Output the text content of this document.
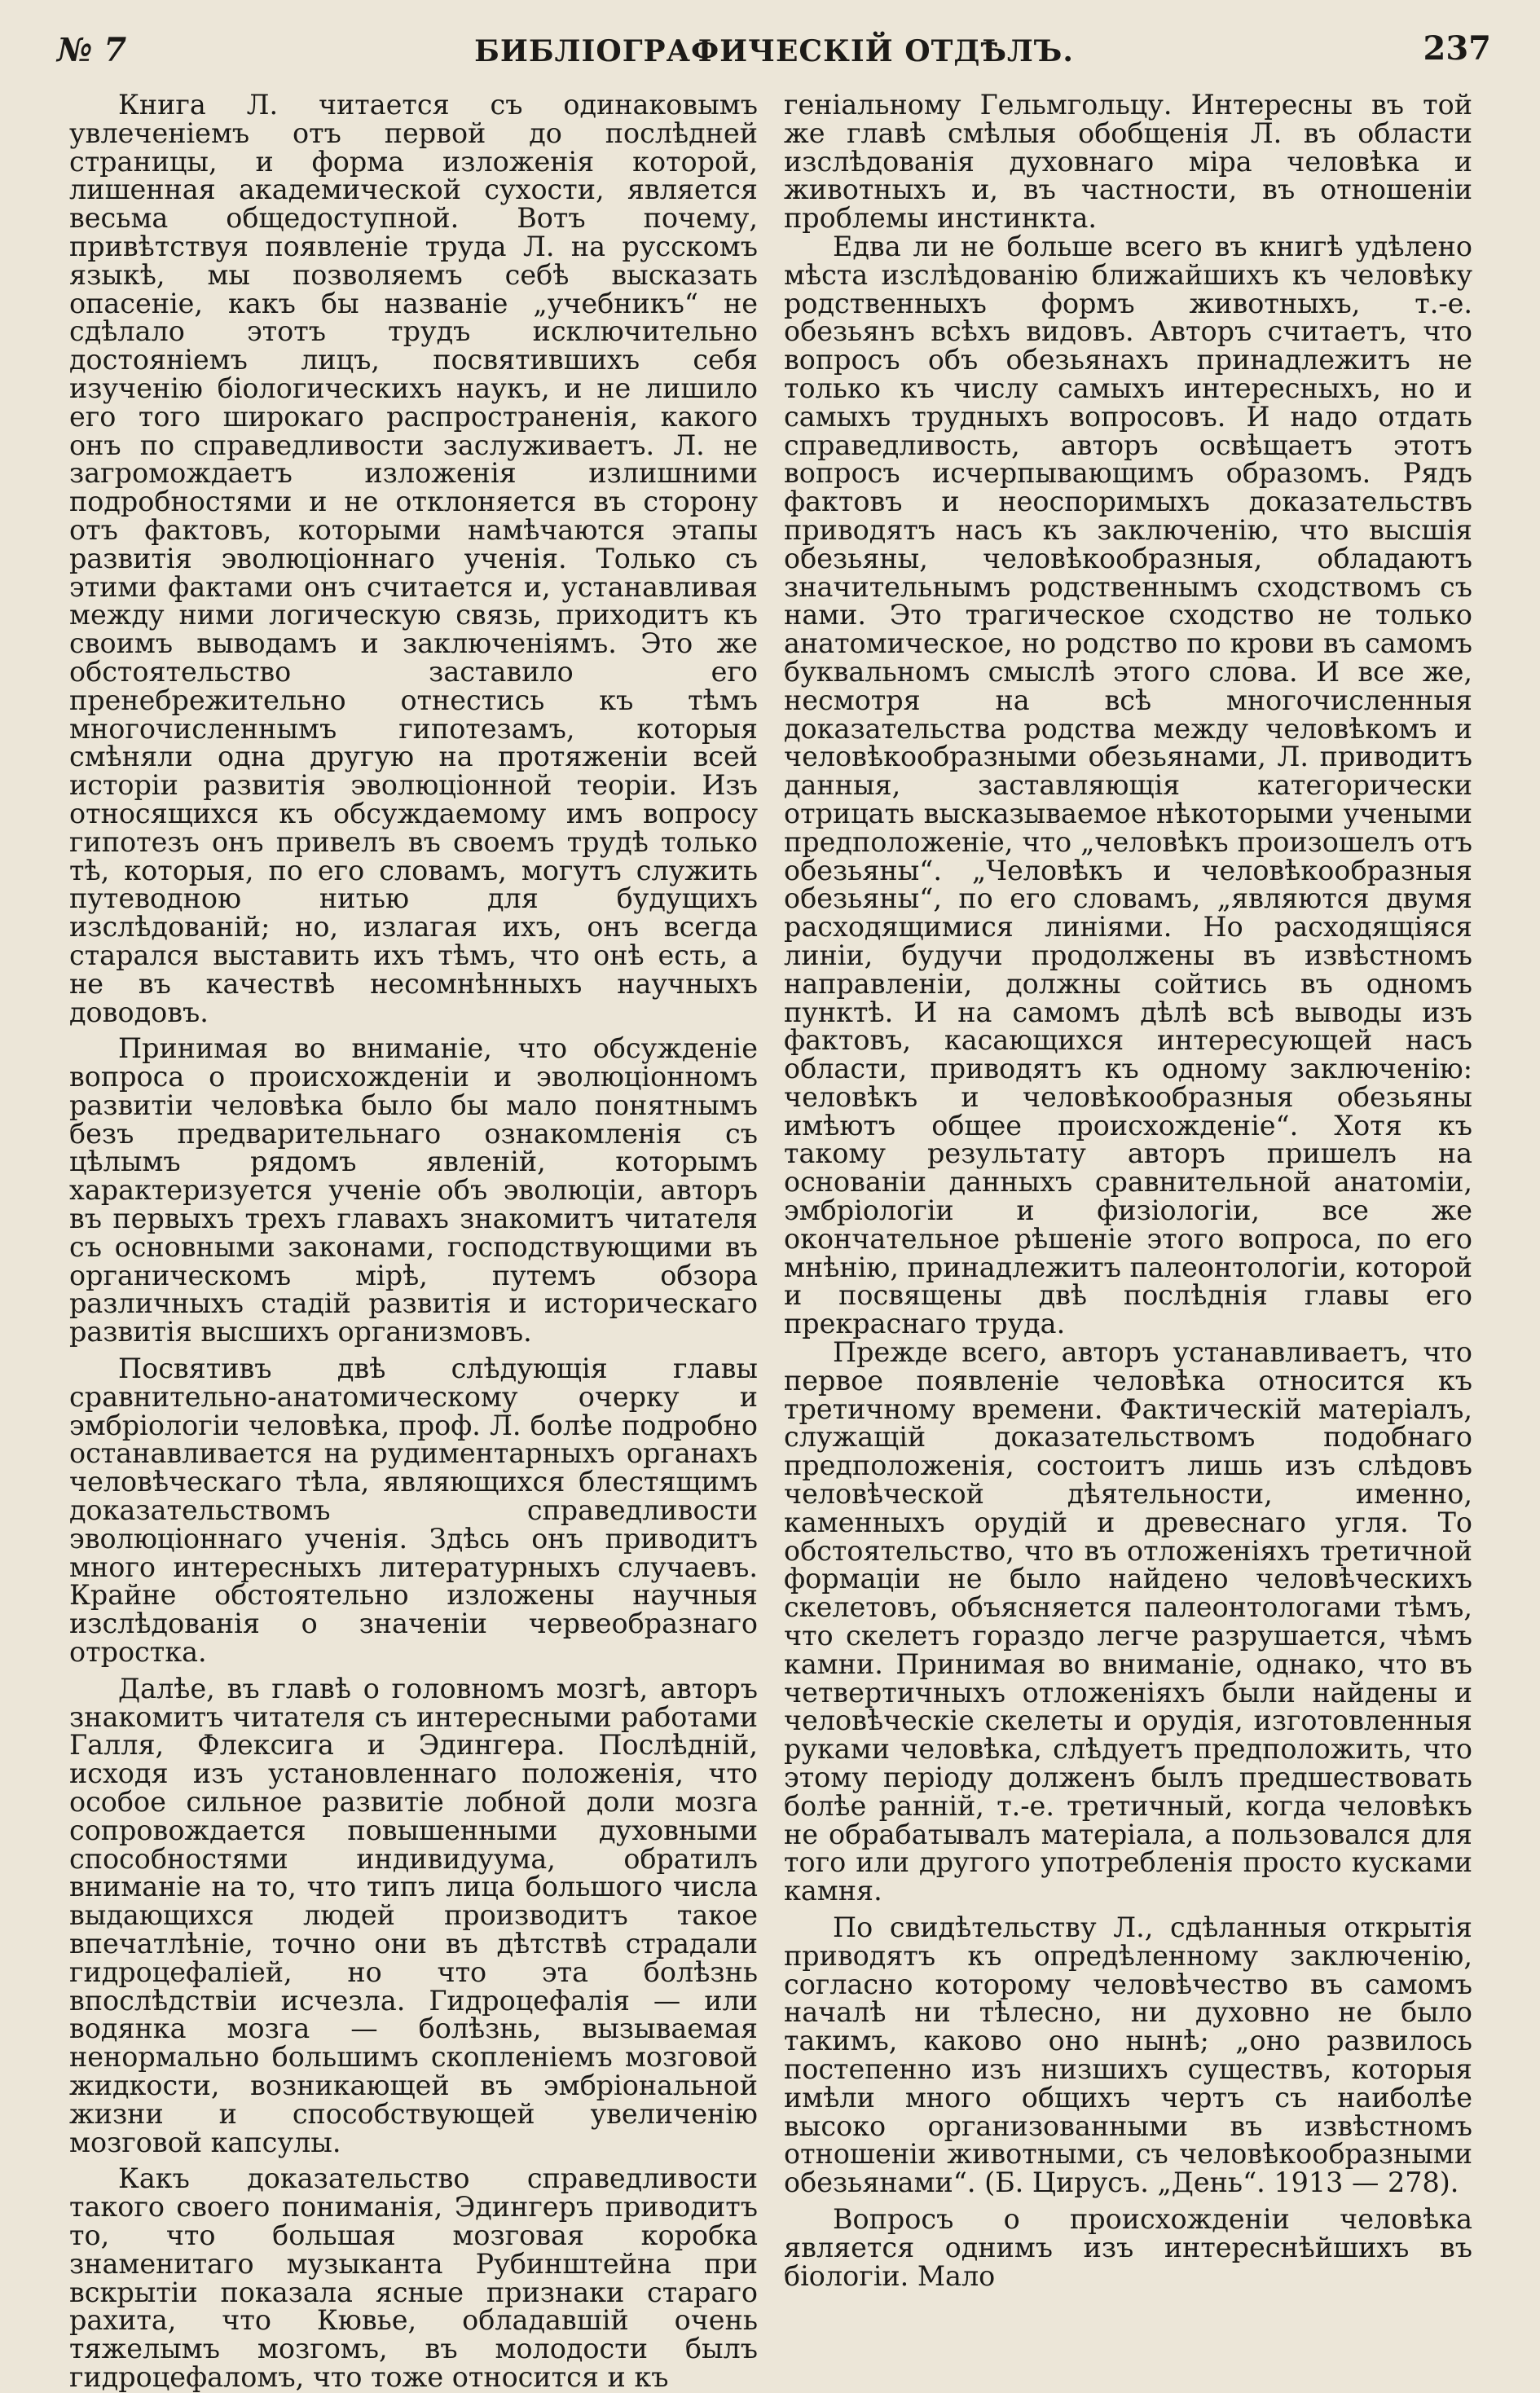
№ 7	БИБЛІОГРАФИЧЕСКІЙ ОТДѢЛЪ.	237

Книга Л. читается съ одинаковымъ увлеченіемъ отъ первой до послѣдней страницы, и форма изложенія которой, лишенная академической сухости, является весьма общедоступной. Вотъ почему, привѣтствуя появленіе труда Л. на русскомъ языкѣ, мы позволяемъ себѣ высказать опасеніе, какъ бы названіе „учебникъ“ не сдѣлало этотъ трудъ исключительно достояніемъ лицъ, посвятившихъ себя изученію біологическихъ наукъ, и не лишило его того широкаго распространенія, какого онъ по справедливости заслуживаетъ. Л. не загромождаетъ изложенія излишними подробностями и не отклоняется въ сторону отъ фактовъ, которыми намѣчаются этапы развитія эволюціоннаго ученія. Только съ этими фактами онъ считается и, устанавливая между ними логическую связь, приходитъ къ своимъ выводамъ и заключеніямъ. Это же обстоятельство заставило его пренебрежительно отнестись къ тѣмъ многочисленнымъ гипотезамъ, которыя смѣняли одна другую на протяженіи всей исторіи развитія эволюціонной теоріи. Изъ относящихся къ обсуждаемому имъ вопросу гипотезъ онъ привелъ въ своемъ трудѣ только тѣ, которыя, по его словамъ, могутъ служить путеводною нитью для будущихъ изслѣдованій; но, излагая ихъ, онъ всегда старался выставить ихъ тѣмъ, что онѣ есть, а не въ качествѣ несомнѣнныхъ научныхъ доводовъ.

Принимая во вниманіе, что обсужденіе вопроса о происхожденіи и эволюціонномъ развитіи человѣка было бы мало понятнымъ безъ предварительнаго ознакомленія съ цѣлымъ рядомъ явленій, которымъ характеризуется ученіе объ эволюціи, авторъ въ первыхъ трехъ главахъ знакомитъ читателя съ основными законами, господствующими въ органическомъ мірѣ, путемъ обзора различныхъ стадій развитія и историческаго развитія высшихъ организмовъ.

Посвятивъ двѣ слѣдующія главы сравнительно-анатомическому очерку и эмбріологіи человѣка, проф. Л. болѣе подробно останавливается на рудиментарныхъ органахъ человѣческаго тѣла, являющихся блестящимъ доказательствомъ справедливости эволюціоннаго ученія. Здѣсь онъ приводитъ много интересныхъ литературныхъ случаевъ. Крайне обстоятельно изложены научныя изслѣдованія о значеніи червеобразнаго отростка.

Далѣе, въ главѣ о головномъ мозгѣ, авторъ знакомитъ читателя съ интересными работами Галля, Флексига и Эдингера. Послѣдній, исходя изъ установленнаго положенія, что особое сильное развитіе лобной доли мозга сопровождается повышенными духовными способностями индивидуума, обратилъ вниманіе на то, что типъ лица большого числа выдающихся людей производитъ такое впечатлѣніе, точно они въ дѣтствѣ страдали гидроцефаліей, но что эта болѣзнь впослѣдствіи исчезла. Гидроцефалія — или водянка мозга — болѣзнь, вызываемая ненормально большимъ скопленіемъ мозговой жидкости, возникающей въ эмбріональной жизни и способствующей увеличенію мозговой капсулы.

Какъ доказательство справедливости такого своего пониманія, Эдингеръ приводитъ то, что большая мозговая коробка знаменитаго музыканта Рубинштейна при вскрытіи показала ясные признаки стараго рахита, что Кювье, обладавшій очень тяжелымъ мозгомъ, въ молодости былъ гидроцефаломъ, что тоже относится и къ

геніальному Гельмгольцу. Интересны въ той же главѣ смѣлыя обобщенія Л. въ области изслѣдованія духовнаго міра человѣка и животныхъ и, въ частности, въ отношеніи проблемы инстинкта.

Едва ли не больше всего въ книгѣ удѣлено мѣста изслѣдованію ближайшихъ къ человѣку родственныхъ формъ животныхъ, т.-е. обезьянъ всѣхъ видовъ. Авторъ считаетъ, что вопросъ объ обезьянахъ принадлежитъ не только къ числу самыхъ интересныхъ, но и самыхъ трудныхъ вопросовъ. И надо отдать справедливость, авторъ освѣщаетъ этотъ вопросъ исчерпывающимъ образомъ. Рядъ фактовъ и неоспоримыхъ доказательствъ приводятъ насъ къ заключенію, что высшія обезьяны, человѣкообразныя, обладаютъ значительнымъ родственнымъ сходствомъ съ нами. Это трагическое сходство не только анатомическое, но родство по крови въ самомъ буквальномъ смыслѣ этого слова. И все же, несмотря на всѣ многочисленныя доказательства родства между человѣкомъ и человѣкообразными обезьянами, Л. приводитъ данныя, заставляющія категорически отрицать высказываемое нѣкоторыми учеными предположеніе, что „человѣкъ произошелъ отъ обезьяны“. „Человѣкъ и человѣкообразныя обезьяны“, по его словамъ, „являются двумя расходящимися линіями. Но расходящіяся линіи, будучи продолжены въ извѣстномъ направленіи, должны сойтись въ одномъ пунктѣ. И на самомъ дѣлѣ всѣ выводы изъ фактовъ, касающихся интересующей насъ области, приводятъ къ одному заключенію: человѣкъ и человѣкообразныя обезьяны имѣютъ общее происхожденіе“. Хотя къ такому результату авторъ пришелъ на основаніи данныхъ сравнительной анатоміи, эмбріологіи и физіологіи, все же окончательное рѣшеніе этого вопроса, по его мнѣнію, принадлежитъ палеонтологіи, которой и посвящены двѣ послѣднія главы его прекраснаго труда.

Прежде всего, авторъ устанавливаетъ, что первое появленіе человѣка относится къ третичному времени. Фактическій матеріалъ, служащій доказательствомъ подобнаго предположенія, состоитъ лишь изъ слѣдовъ человѣческой дѣятельности, именно, каменныхъ орудій и древеснаго угля. То обстоятельство, что въ отложеніяхъ третичной формаціи не было найдено человѣческихъ скелетовъ, объясняется палеонтологами тѣмъ, что скелетъ гораздо легче разрушается, чѣмъ камни. Принимая во вниманіе, однако, что въ четвертичныхъ отложеніяхъ были найдены и человѣческіе скелеты и орудія, изготовленныя руками человѣка, слѣдуетъ предположить, что этому періоду долженъ былъ предшествовать болѣе ранній, т.-е. третичный, когда человѣкъ не обрабатывалъ матеріала, а пользовался для того или другого употребленія просто кусками камня.

По свидѣтельству Л., сдѣланныя открытія приводятъ къ опредѣленному заключенію, согласно которому человѣчество въ самомъ началѣ ни тѣлесно, ни духовно не было такимъ, каково оно нынѣ; „оно развилось постепенно изъ низшихъ существъ, которыя имѣли много общихъ чертъ съ наиболѣе высоко организованными въ извѣстномъ отношеніи животными, съ человѣкообразными обезьянами“. (Б. Цирусъ. „День“. 1913 — 278).

Вопросъ о происхожденіи человѣка является однимъ изъ интереснѣйшихъ въ біологіи. Мало
